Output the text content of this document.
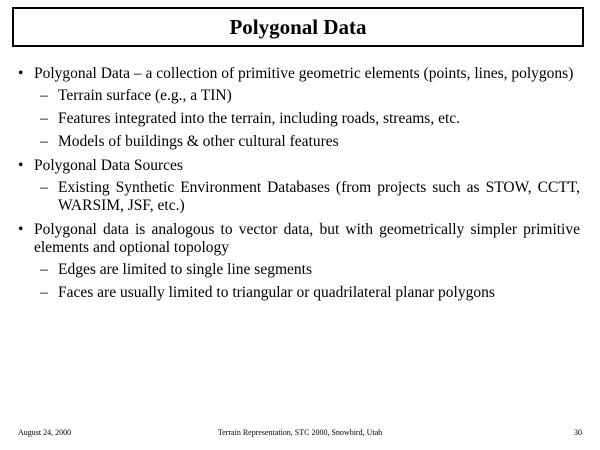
Polygonal Data
• Polygonal Data – a collection of primitive geometric elements (points, lines, polygons)
– Terrain surface (e.g., a TIN)
– Features integrated into the terrain, including roads, streams, etc.
– Models of buildings & other cultural features
• Polygonal Data Sources
– Existing Synthetic Environment Databases (from projects such as STOW, CCTT, WARSIM, JSF, etc.)
• Polygonal data is analogous to vector data, but with geometrically simpler primitive elements and optional topology
– Edges are limited to single line segments
– Faces are usually limited to triangular or quadrilateral planar polygons
August 24, 2000	Terrain Representation, STC 2000, Snowbird, Utah	30
